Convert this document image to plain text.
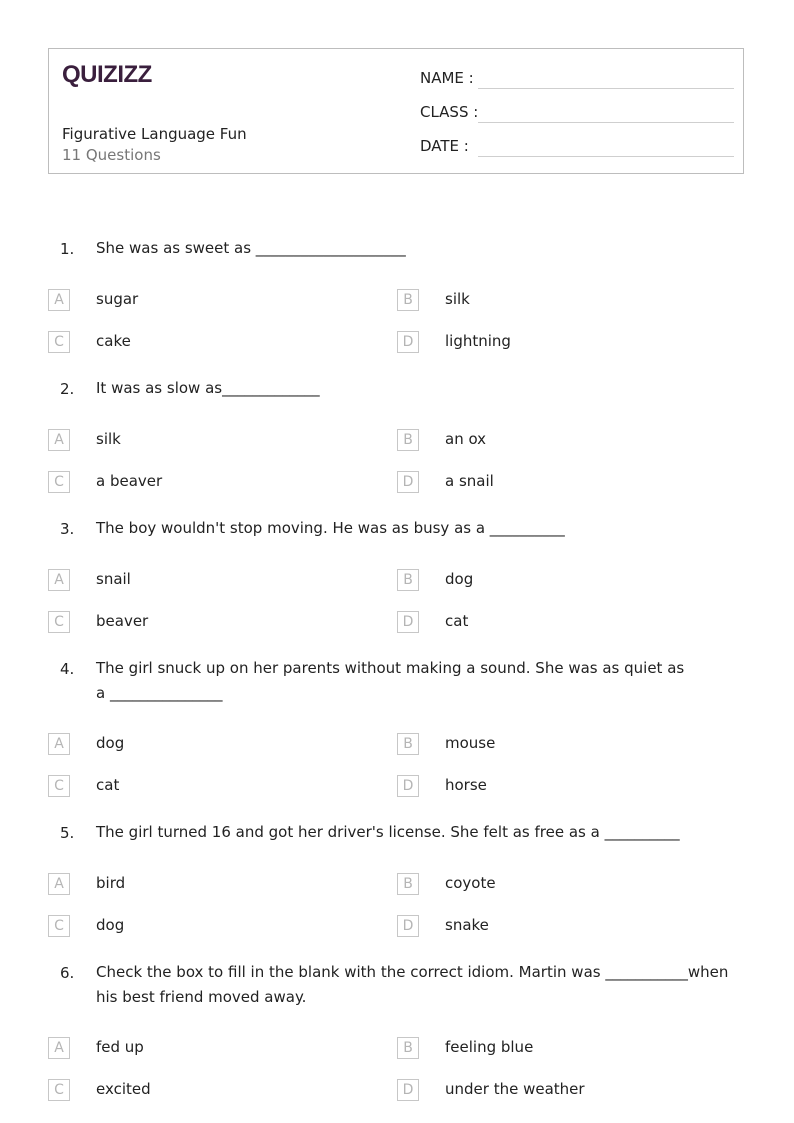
QUIZIZZ
Figurative Language Fun
11 Questions
NAME :
CLASS :
DATE :
1. She was as sweet as ____________________
A	sugar	B	silk
C	cake	D	lightning
2. It was as slow as_____________
A	silk	B	an ox
C	a beaver	D	a snail
3. The boy wouldn't stop moving. He was as busy as a __________
A	snail	B	dog
C	beaver	D	cat
4. The girl snuck up on her parents without making a sound. She was as quiet as a _______________
A	dog	B	mouse
C	cat	D	horse
5. The girl turned 16 and got her driver's license. She felt as free as a __________
A	bird	B	coyote
C	dog	D	snake
6. Check the box to fill in the blank with the correct idiom. Martin was ___________when his best friend moved away.
A	fed up	B	feeling blue
C	excited	D	under the weather
